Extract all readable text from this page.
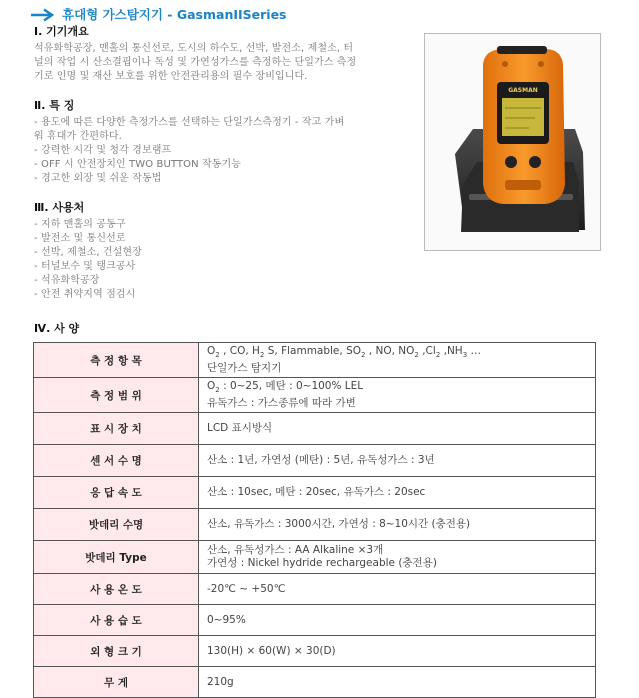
휴대형 가스탐지기 - GasmanIISeries
Ⅰ. 기기개요
석유화학공장, 맨홀의 통신선로, 도시의 하수도, 선박, 발전소, 제철소, 터
널의 작업 시 산소결핍이나 독성 및 가연성가스를 측정하는 단일가스 측정
기로 인명 및 재산 보호를 위한 안전관리용의 필수 장비입니다.
Ⅱ. 특 징
- 용도에 따른 다양한 측정가스를 선택하는 단일가스측정기 - 작고 가벼
워 휴대가 간편하다.
- 강력한 시각 및 청각 경보램프
- OFF 시 안전장치인 TWO BUTTON 작동기능
- 경고한 외장 및 쉬운 작동법
Ⅲ. 사용처
- 지하 맨홀의 공동구
- 발전소 및 통신선로
- 선박, 제철소, 건설현장
- 터널보수 및 탱크공사
- 석유화학공장
- 안전 취약지역 점검시
GASMAN
Ⅳ. 사 양
측 정 항 목	$O_2$ , CO, $H_2$ S, Flammable, $SO_2$ , NO, $NO_2$ $,Cl_2$ $,NH_3$ …
단일가스 탐지기

측 정 범 위	$O_2$ : 0~25, 메탄 : 0~100% LEL
유독가스 : 가스종류에 따라 가변

표 시 장 치	LCD 표시방식
센 서 수 명	산소 : 1년, 가연성 (메탄) : 5년, 유독성가스 : 3년
응 답 속 도	산소 : 10sec, 메탄 : 20sec, 유독가스 : 20sec
밧데리 수명	산소, 유독가스 : 3000시간, 가연성 : 8~10시간 (충전용)
밧데리 Type	산소, 유독성가스 : AA Alkaline ×3개
가연성 : Nickel hydride rechargeable (충전용)

사 용 온 도	-20℃ ~ +50℃
사 용 습 도	0~95%
외 형 크 기	130(H) × 60(W) × 30(D)
무 게	210g
